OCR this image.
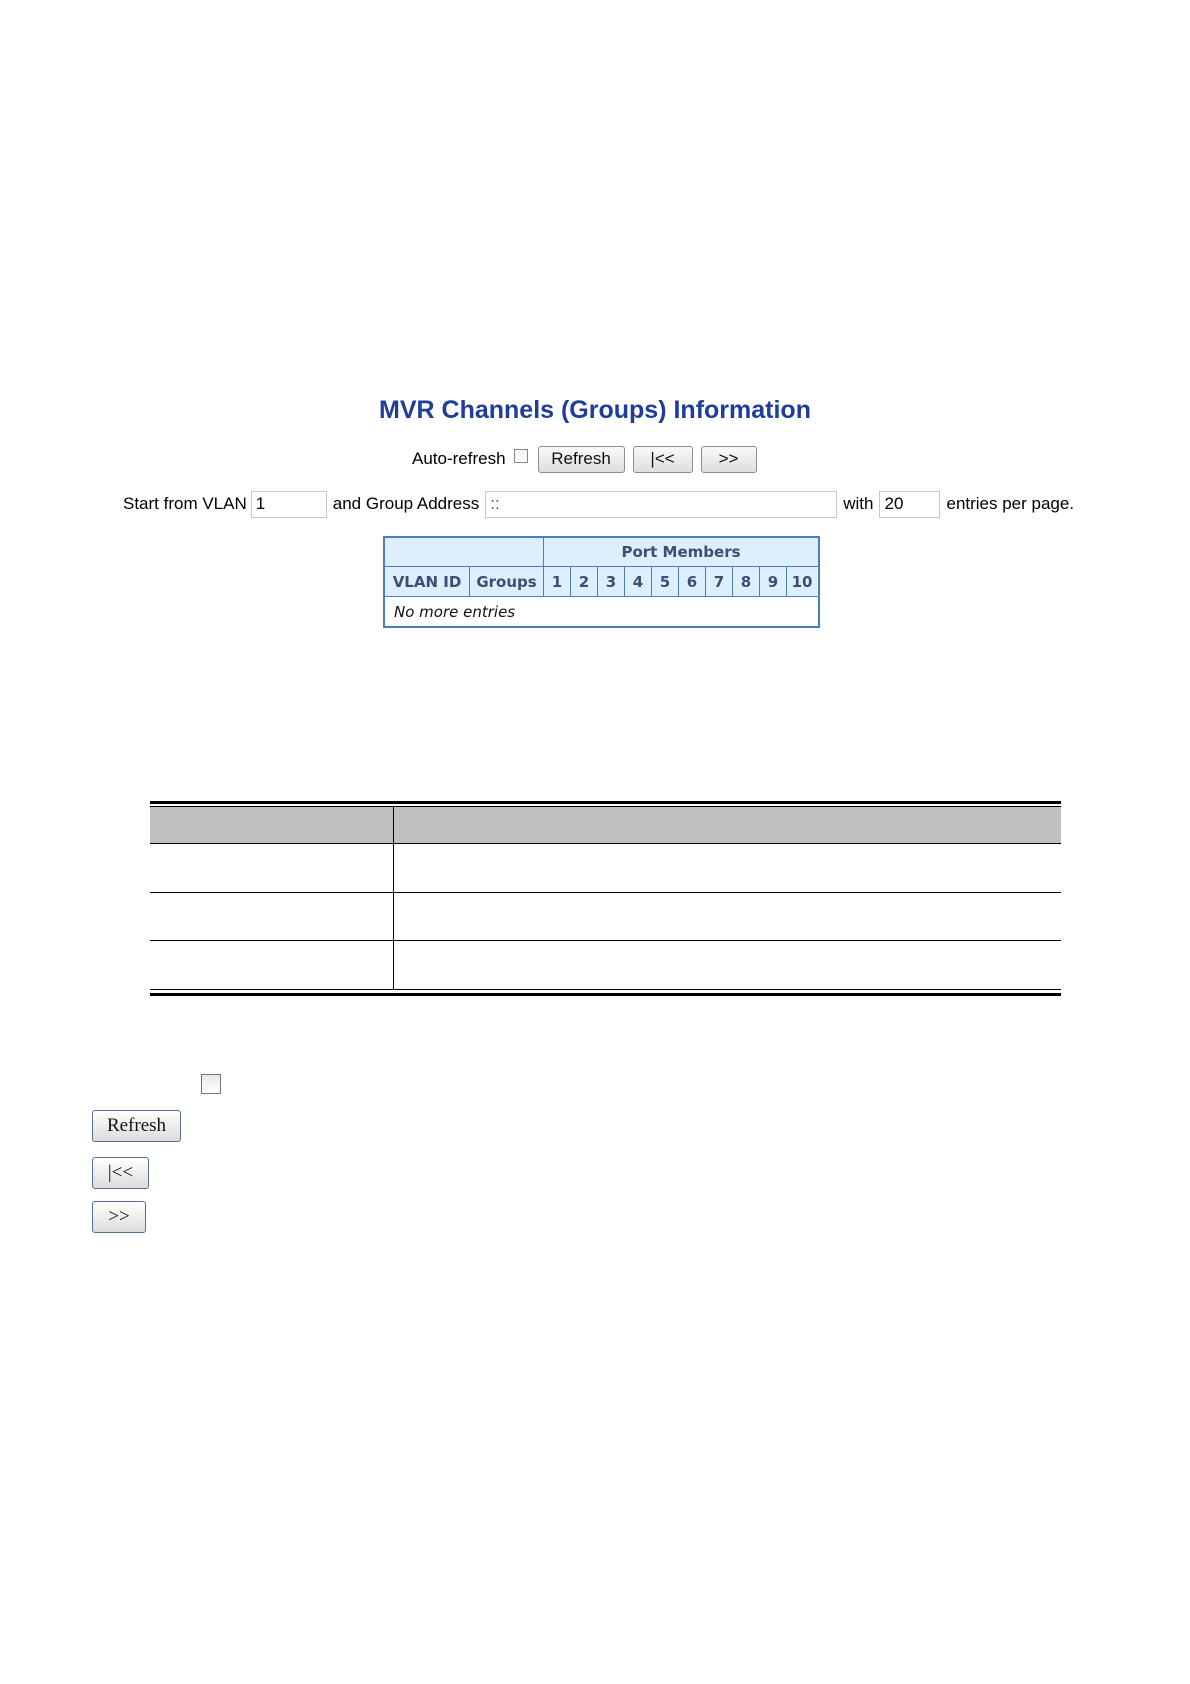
MVR Channels (Groups) Information
Auto-refresh	Refresh	|<<	>>
Start from VLAN 1	and Group Address ::	with 20	entries per page.
Port Members
VLAN ID	Groups	1	2	3	4	5	6	7	8	9 10
No more entries
Refresh
|<<
>>
